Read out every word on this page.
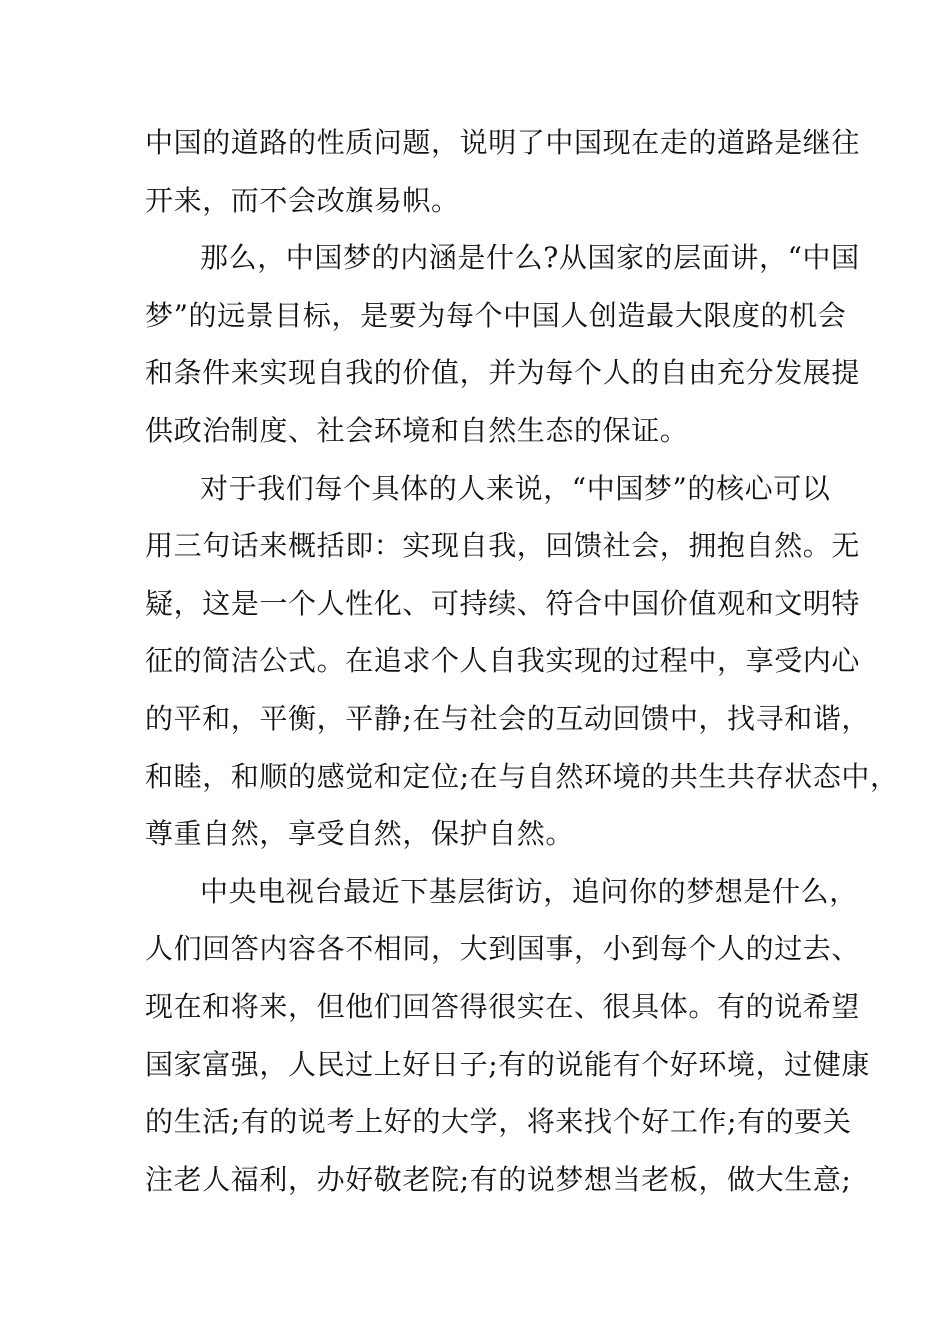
中国的道路的性质问题，说明了中国现在走的道路是继往
开来，而不会改旗易帜。
那么，中国梦的内涵是什么?从国家的层面讲，“中国
梦”的远景目标，是要为每个中国人创造最大限度的机会
和条件来实现自我的价值，并为每个人的自由充分发展提
供政治制度、社会环境和自然生态的保证。
对于我们每个具体的人来说，“中国梦”的核心可以
用三句话来概括即：实现自我，回馈社会，拥抱自然。无
疑，这是一个人性化、可持续、符合中国价值观和文明特
征的简洁公式。在追求个人自我实现的过程中，享受内心
的平和，平衡，平静;在与社会的互动回馈中，找寻和谐，
和睦，和顺的感觉和定位;在与自然环境的共生共存状态中，
尊重自然，享受自然，保护自然。
中央电视台最近下基层街访，追问你的梦想是什么，
人们回答内容各不相同，大到国事，小到每个人的过去、
现在和将来，但他们回答得很实在、很具体。有的说希望
国家富强，人民过上好日子;有的说能有个好环境，过健康
的生活;有的说考上好的大学，将来找个好工作;有的要关
注老人福利，办好敬老院;有的说梦想当老板，做大生意;
